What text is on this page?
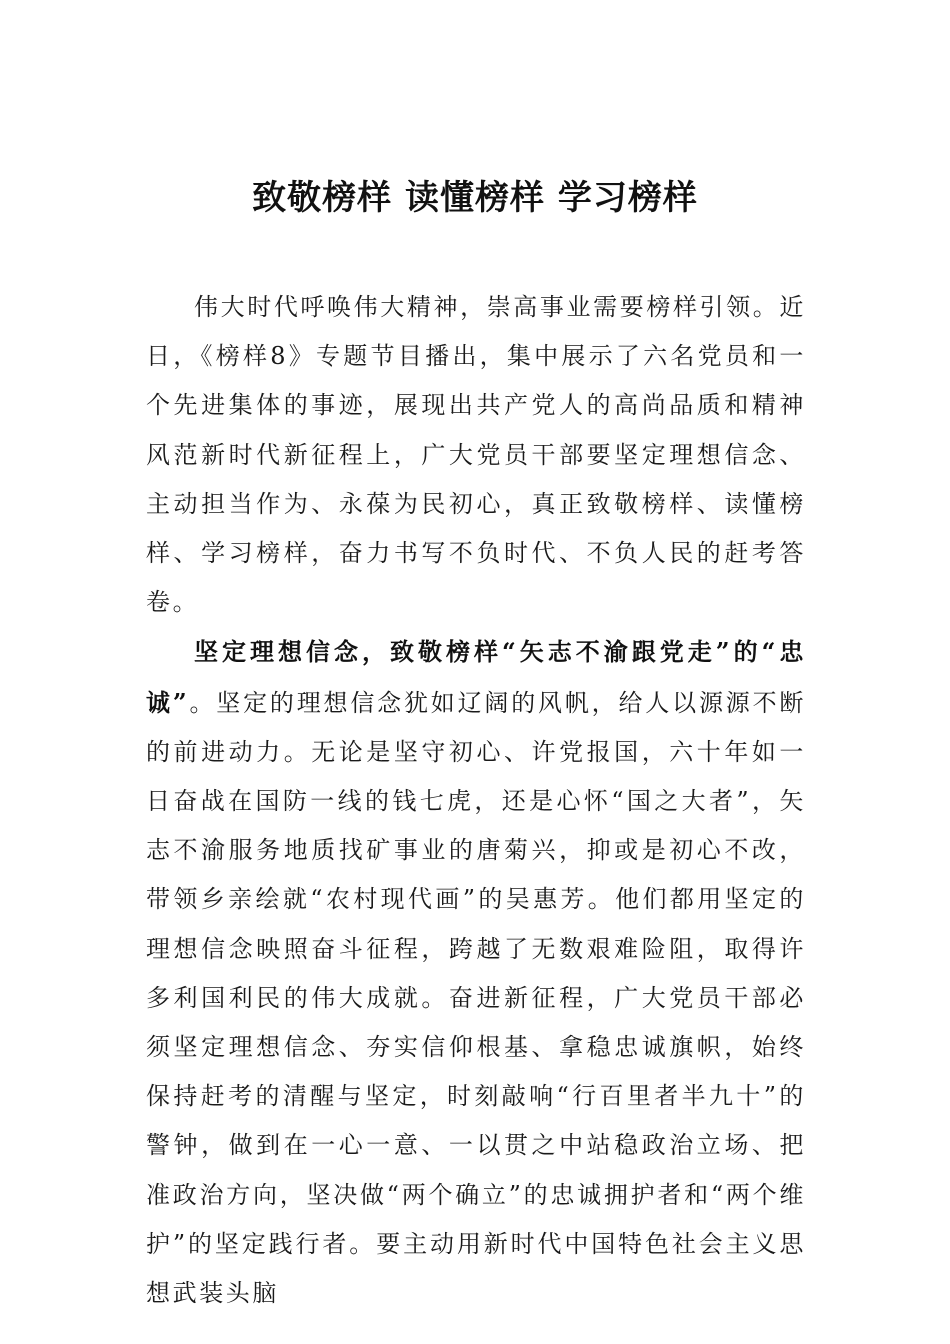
致敬榜样 读懂榜样 学习榜样

伟大时代呼唤伟大精神，崇高事业需要榜样引领。近日，《榜样8》专题节目播出，集中展示了六名党员和一个先进集体的事迹，展现出共产党人的高尚品质和精神风范新时代新征程上，广大党员干部要坚定理想信念、主动担当作为、永葆为民初心，真正致敬榜样、读懂榜样、学习榜样，奋力书写不负时代、不负人民的赶考答卷。

坚定理想信念，致敬榜样“矢志不渝跟党走”的“忠诚”。坚定的理想信念犹如辽阔的风帆，给人以源源不断的前进动力。无论是坚守初心、许党报国，六十年如一日奋战在国防一线的钱七虎，还是心怀“国之大者”，矢志不渝服务地质找矿事业的唐菊兴，抑或是初心不改，带领乡亲绘就“农村现代画”的吴惠芳。他们都用坚定的理想信念映照奋斗征程，跨越了无数艰难险阻，取得许多利国利民的伟大成就。奋进新征程，广大党员干部必须坚定理想信念、夯实信仰根基、拿稳忠诚旗帜，始终保持赶考的清醒与坚定，时刻敲响“行百里者半九十”的警钟，做到在一心一意、一以贯之中站稳政治立场、把准政治方向，坚决做“两个确立”的忠诚拥护者和“两个维护”的坚定践行者。要主动用新时代中国特色社会主义思想武装头脑
